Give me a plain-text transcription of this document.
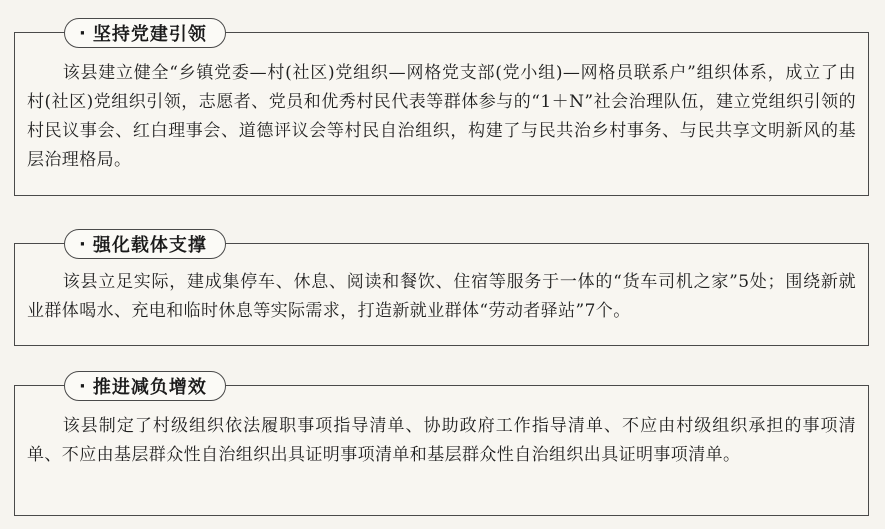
· 坚持党建引领

该县建立健全“乡镇党委—村(社区)党组织—网格党支部(党小组)—网格员联系户”组织体系，成立了由村(社区)党组织引领，志愿者、党员和优秀村民代表等群体参与的“1＋N”社会治理队伍，建立党组织引领的村民议事会、红白理事会、道德评议会等村民自治组织，构建了与民共治乡村事务、与民共享文明新风的基层治理格局。

· 强化载体支撑

该县立足实际，建成集停车、休息、阅读和餐饮、住宿等服务于一体的“货车司机之家”5处；围绕新就业群体喝水、充电和临时休息等实际需求，打造新就业群体“劳动者驿站”7个。

· 推进减负增效

该县制定了村级组织依法履职事项指导清单、协助政府工作指导清单、不应由村级组织承担的事项清单、不应由基层群众性自治组织出具证明事项清单和基层群众性自治组织出具证明事项清单。
